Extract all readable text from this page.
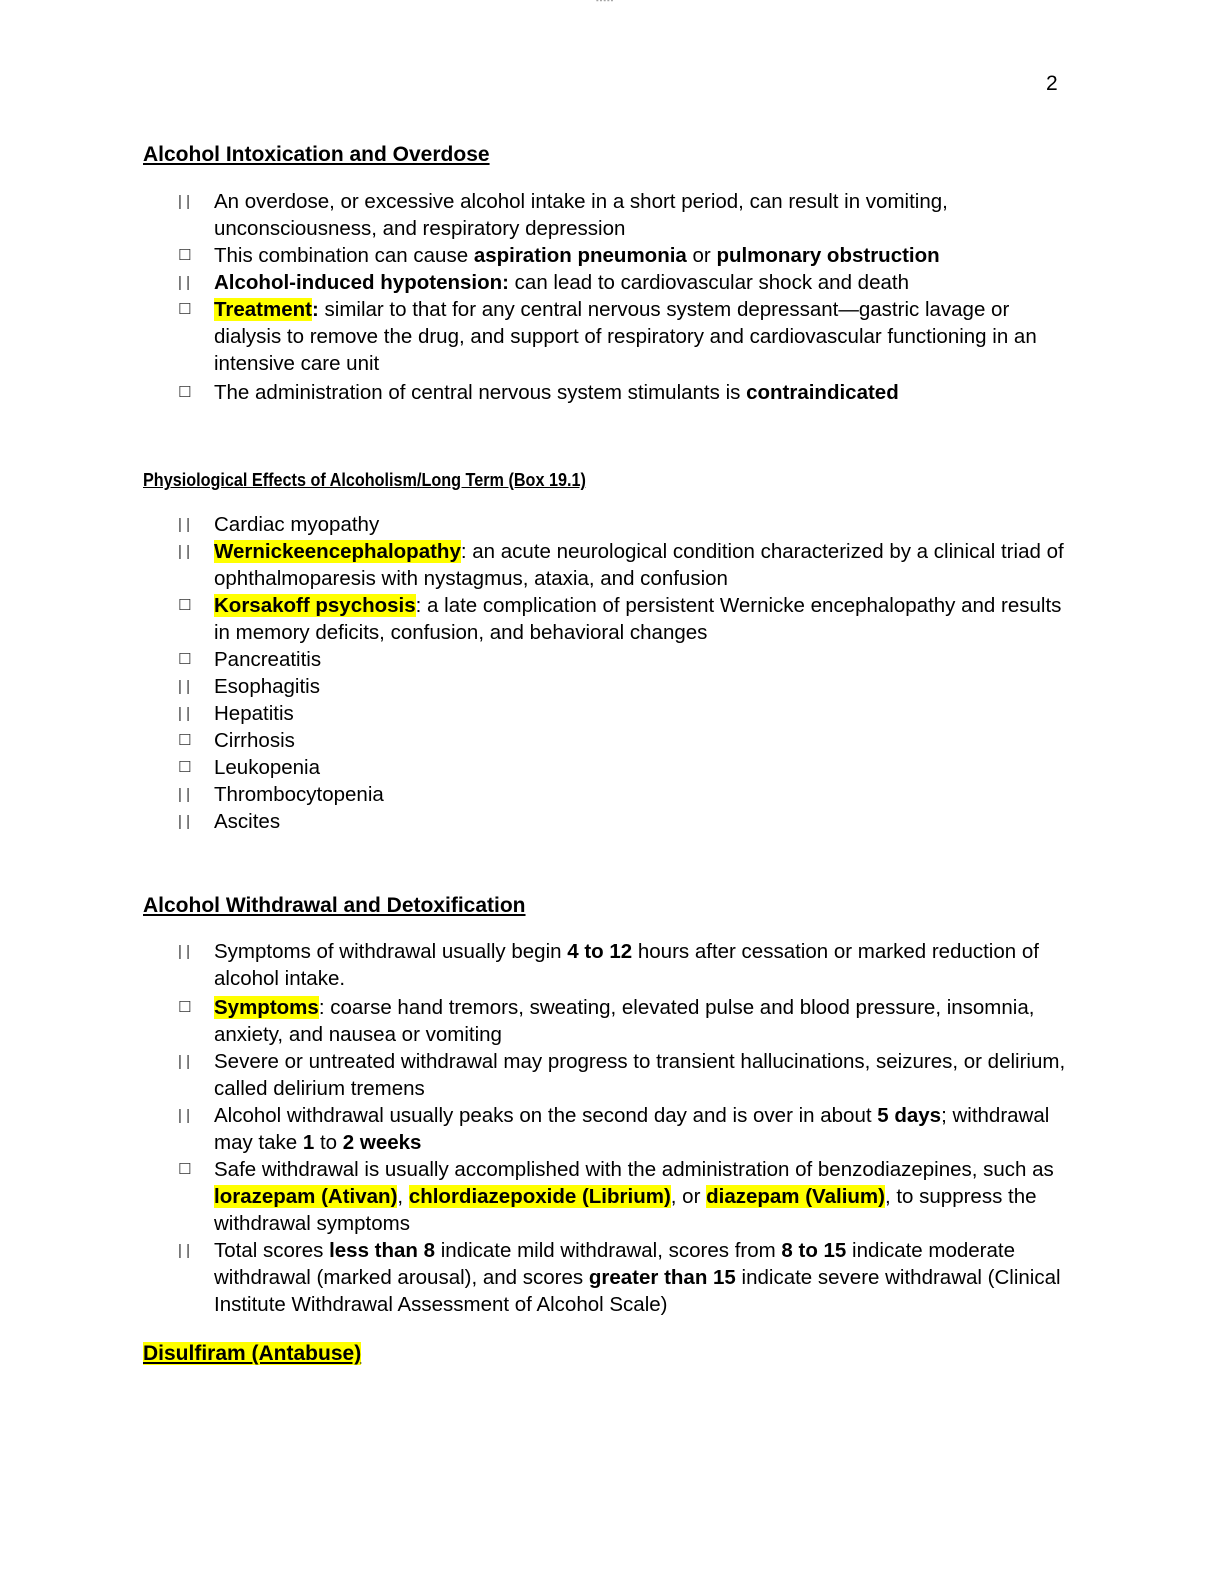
-----
2
Alcohol Intoxication and Overdose
| |	An overdose, or excessive alcohol intake in a short period, can result in vomiting, unconsciousness, and respiratory depression
☐	This combination can cause aspiration pneumonia or pulmonary obstruction
| |	Alcohol-induced hypotension: can lead to cardiovascular shock and death
☐	Treatment: similar to that for any central nervous system depressant—gastric lavage or dialysis to remove the drug, and support of respiratory and cardiovascular functioning in an intensive care unit
☐	The administration of central nervous system stimulants is contraindicated
Physiological Effects of Alcoholism/Long Term (Box 19.1)
| |	Cardiac myopathy
| |	Wernickeencephalopathy: an acute neurological condition characterized by a clinical triad of ophthalmoparesis with nystagmus, ataxia, and confusion
☐	Korsakoff psychosis: a late complication of persistent Wernicke encephalopathy and results in memory deficits, confusion, and behavioral changes
☐	Pancreatitis
| |	Esophagitis
| |	Hepatitis
☐	Cirrhosis
☐	Leukopenia
| |	Thrombocytopenia
| |	Ascites
Alcohol Withdrawal and Detoxification
| |	Symptoms of withdrawal usually begin 4 to 12 hours after cessation or marked reduction of alcohol intake.
☐	Symptoms: coarse hand tremors, sweating, elevated pulse and blood pressure, insomnia, anxiety, and nausea or vomiting
| |	Severe or untreated withdrawal may progress to transient hallucinations, seizures, or delirium, called delirium tremens
| |	Alcohol withdrawal usually peaks on the second day and is over in about 5 days; withdrawal may take 1 to 2 weeks
☐	Safe withdrawal is usually accomplished with the administration of benzodiazepines, such as lorazepam (Ativan), chlordiazepoxide (Librium), or diazepam (Valium), to suppress the withdrawal symptoms
| |	Total scores less than 8 indicate mild withdrawal, scores from 8 to 15 indicate moderate withdrawal (marked arousal), and scores greater than 15 indicate severe withdrawal (Clinical Institute Withdrawal Assessment of Alcohol Scale)
Disulfiram (Antabuse)
